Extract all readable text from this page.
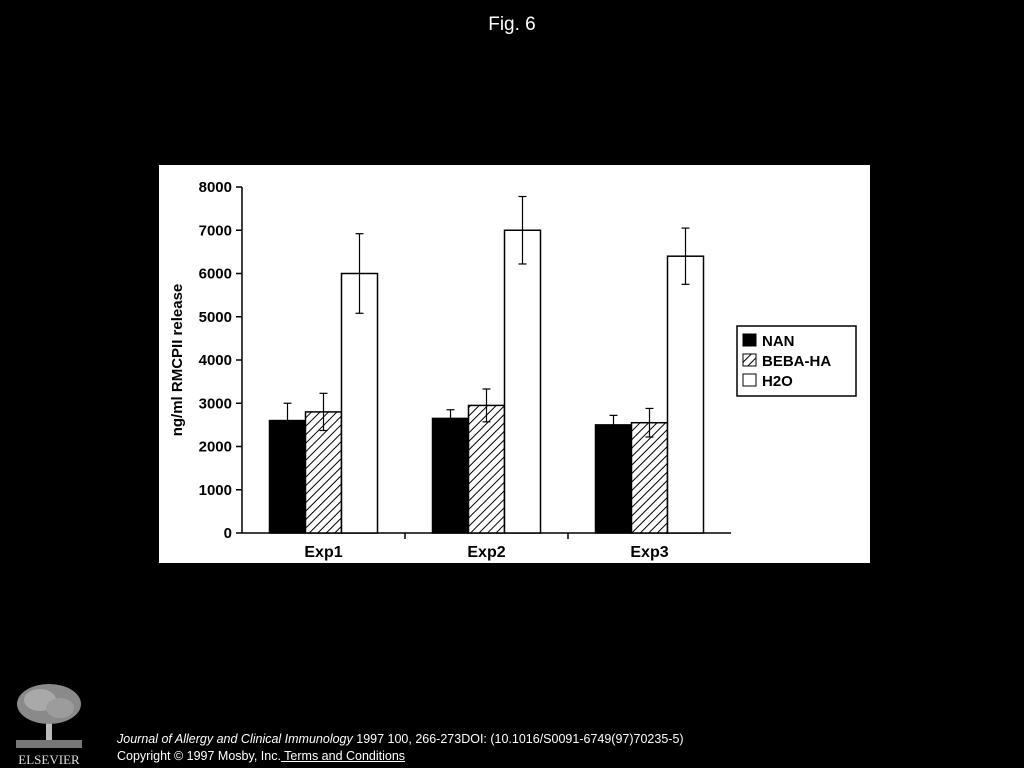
Fig. 6
0
1000
2000
3000
4000
5000
6000
7000
8000
ng/ml RMCPII release
Exp1	Exp2	Exp3
NAN
BEBA-HA
H2O
ELSEVIER
Journal of Allergy and Clinical Immunology 1997 100, 266-273DOI: (10.1016/S0091-6749(97)70235-5)
Copyright © 1997 Mosby, Inc. Terms and Conditions
